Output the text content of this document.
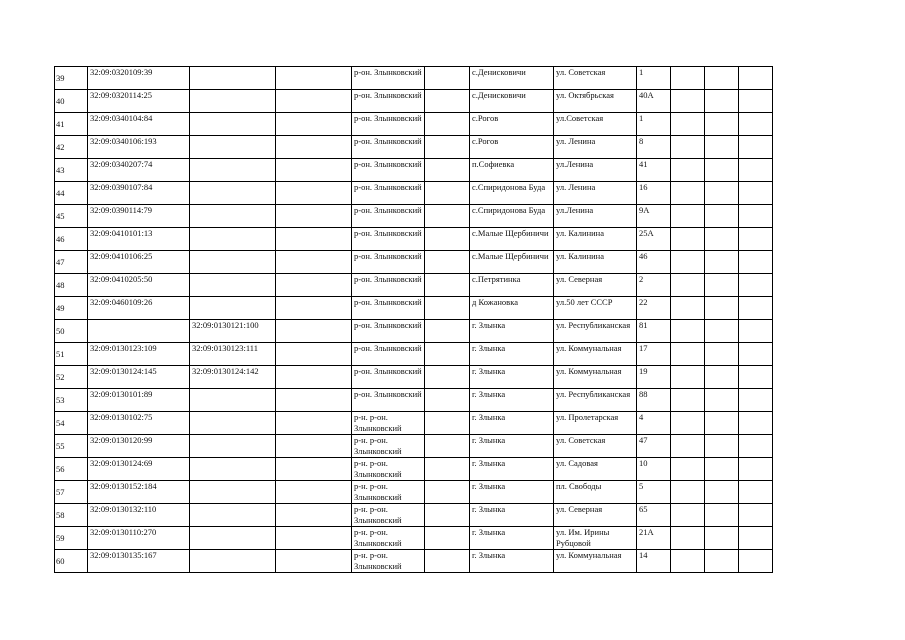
39	32:09:0320109:39			р-он. Злынковский		с.Денисковичи	ул. Советская	1			
40	32:09:0320114:25			р-он. Злынковский		с.Денисковичи	ул. Октябрьская	40А			
41	32:09:0340104:84			р-он. Злынковский		с.Рогов	ул.Советская	1			
42	32:09:0340106:193			р-он. Злынковский		с.Рогов	ул. Ленина	8			
43	32:09:0340207:74			р-он. Злынковский		п.Софиевка	ул.Ленина	41			
44	32:09:0390107:84			р-он. Злынковский		с.Спиридонова Буда	ул. Ленина	16			
45	32:09:0390114:79			р-он. Злынковский		с.Спиридонова Буда	ул.Ленина	9А			
46	32:09:0410101:13			р-он. Злынковский		с.Малые Щербиничи	ул. Калинина	25А			
47	32:09:0410106:25			р-он. Злынковский		с.Малые Щербиничи	ул. Калинина	46			
48	32:09:0410205:50			р-он. Злынковский		с.Петрятинка	ул. Северная	2			
49	32:09:0460109:26			р-он. Злынковский		д Кожановка	ул.50 лет СССР	22			
50		32:09:0130121:100		р-он. Злынковский		г. Злынка	ул. Республиканская	81			
51	32:09:0130123:109	32:09:0130123:111		р-он. Злынковский		г. Злынка	ул. Коммунальная	17			
52	32:09:0130124:145	32:09:0130124:142		р-он. Злынковский		г. Злынка	ул. Коммунальная	19			
53	32:09:0130101:89			р-он. Злынковский		г. Злынка	ул. Республиканская	88			
54	32:09:0130102:75			р-н. р-он. Злынковский		г. Злынка	ул. Пролетарская	4			
55	32:09:0130120:99			р-н. р-он. Злынковский		г. Злынка	ул. Советская	47			
56	32:09:0130124:69			р-н. р-он. Злынковский		г. Злынка	ул. Садовая	10			
57	32:09:0130152:184			р-н. р-он. Злынковский		г. Злынка	пл. Свободы	5			
58	32:09:0130132:110			р-н. р-он. Злынковский		г. Злынка	ул. Северная	65			
59	32:09:0130110:270			р-н. р-он. Злынковский		г. Злынка	ул. Им. Ирины Рубцовой	21А			
60	32:09:0130135:167			р-н. р-он. Злынковский		г. Злынка	ул. Коммунальная	14			
